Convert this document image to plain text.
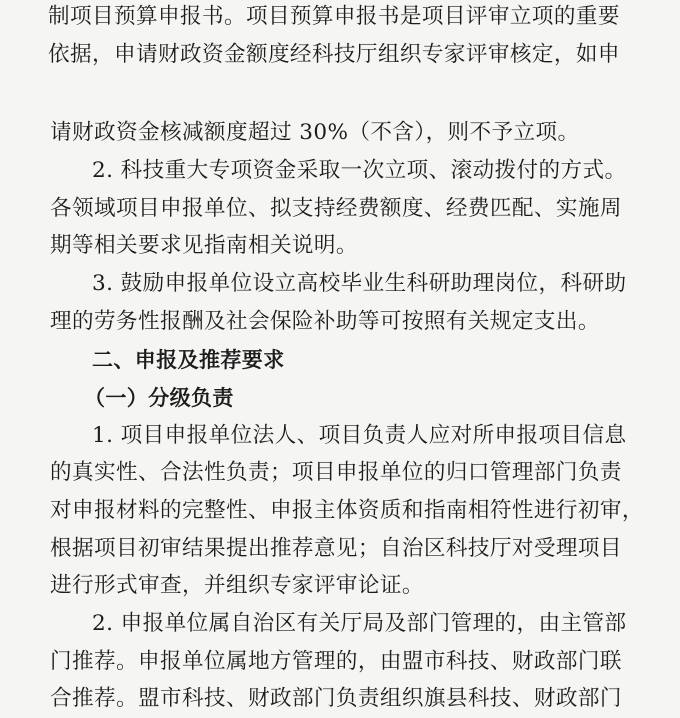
制项目预算申报书。项目预算申报书是项目评审立项的重要

依据，申请财政资金额度经科技厅组织专家评审核定，如申

请财政资金核减额度超过 30%（不含），则不予立项。

2. 科技重大专项资金采取一次立项、滚动拨付的方式。

各领域项目申报单位、拟支持经费额度、经费匹配、实施周

期等相关要求见指南相关说明。

3. 鼓励申报单位设立高校毕业生科研助理岗位，科研助

理的劳务性报酬及社会保险补助等可按照有关规定支出。

二、申报及推荐要求

（一）分级负责

1. 项目申报单位法人、项目负责人应对所申报项目信息

的真实性、合法性负责；项目申报单位的归口管理部门负责

对申报材料的完整性、申报主体资质和指南相符性进行初审，

根据项目初审结果提出推荐意见；自治区科技厅对受理项目

进行形式审查，并组织专家评审论证。

2. 申报单位属自治区有关厅局及部门管理的，由主管部

门推荐。申报单位属地方管理的，由盟市科技、财政部门联

合推荐。盟市科技、财政部门负责组织旗县科技、财政部门
